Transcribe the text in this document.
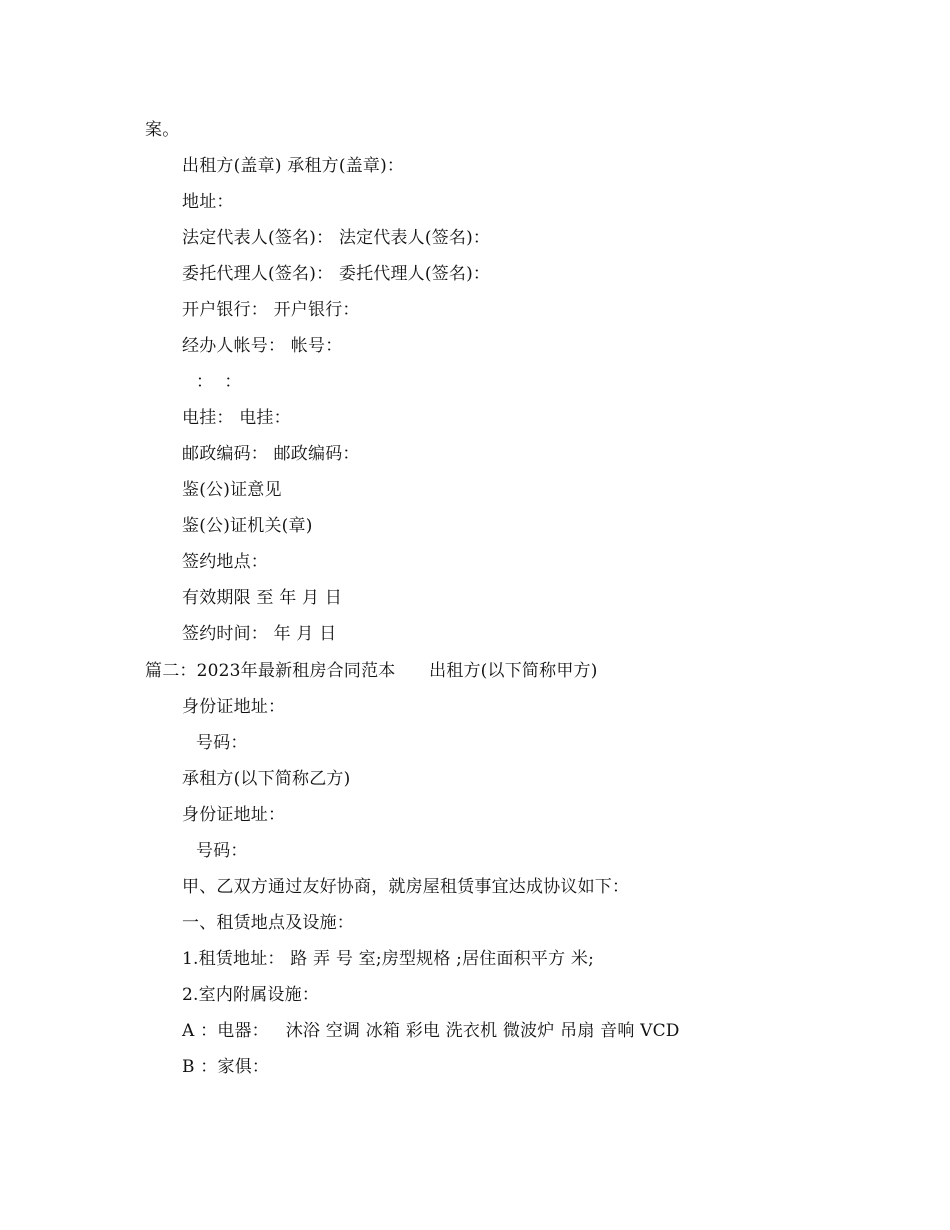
案。
出租方(盖章) 承租方(盖章)：
地址：
法定代表人(签名)： 法定代表人(签名)：
委托代理人(签名)： 委托代理人(签名)：
开户银行： 开户银行：
经办人帐号： 帐号：
：  ：
电挂： 电挂：
邮政编码： 邮政编码：
鉴(公)证意见
鉴(公)证机关(章)
签约地点：
有效期限 至 年 月 日
签约时间： 年 月 日
篇二：2023年最新租房合同范本      出租方(以下简称甲方)
身份证地址：
号码：
承租方(以下简称乙方)
身份证地址：
号码：
甲、乙双方通过友好协商，就房屋租赁事宜达成协议如下：
一、租赁地点及设施：
1.租赁地址： 路 弄 号 室;房型规格 ;居住面积平方 米;
2.室内附属设施：
A ：电器：   沐浴 空调 冰箱 彩电 洗衣机 微波炉 吊扇 音响 VCD
B ：家俱：
